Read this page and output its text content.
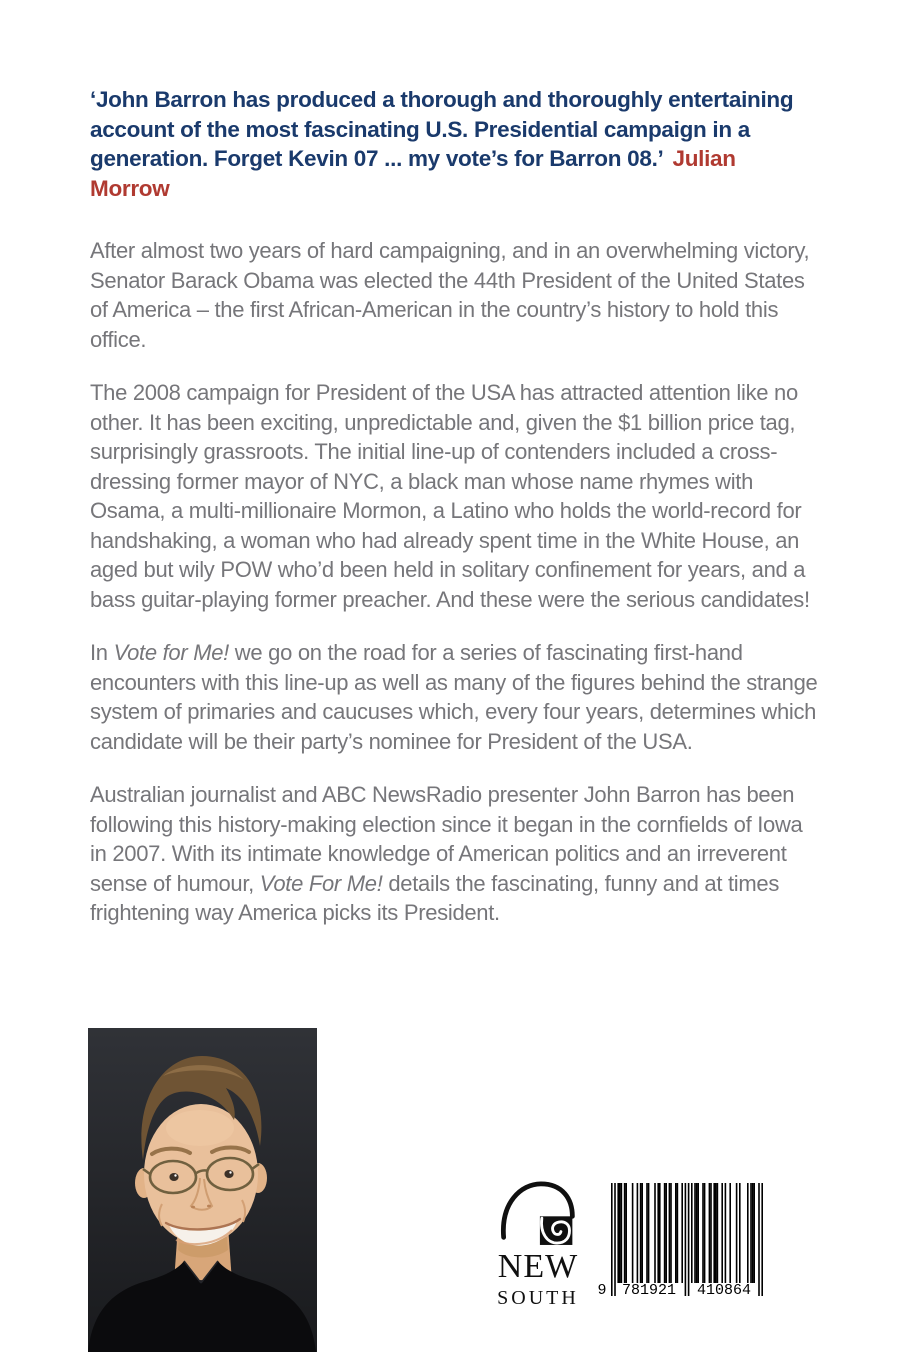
‘John Barron has produced a thorough and thoroughly entertaining account of the most fascinating U.S. Presidential campaign in a generation. Forget Kevin 07 ... my vote’s for Barron 08.’ Julian Morrow

After almost two years of hard campaigning, and in an overwhelming victory, Senator Barack Obama was elected the 44th President of the United States of America – the first African-American in the country’s history to hold this office.

The 2008 campaign for President of the USA has attracted attention like no other. It has been exciting, unpredictable and, given the $1 billion price tag, surprisingly grassroots. The initial line-up of contenders included a cross-dressing former mayor of NYC, a black man whose name rhymes with Osama, a multi-millionaire Mormon, a Latino who holds the world-record for handshaking, a woman who had already spent time in the White House, an aged but wily POW who’d been held in solitary confinement for years, and a bass guitar-playing former preacher. And these were the serious candidates!

In Vote for Me! we go on the road for a series of fascinating first-hand encounters with this line-up as well as many of the figures behind the strange system of primaries and caucuses which, every four years, determines which candidate will be their party’s nominee for President of the USA.

Australian journalist and ABC NewsRadio presenter John Barron has been following this history-making election since it began in the cornfields of Iowa in 2007. With its intimate knowledge of American politics and an irreverent sense of humour, Vote For Me! details the fascinating, funny and at times frightening way America picks its President.

NEW
SOUTH	9	781921	410864
